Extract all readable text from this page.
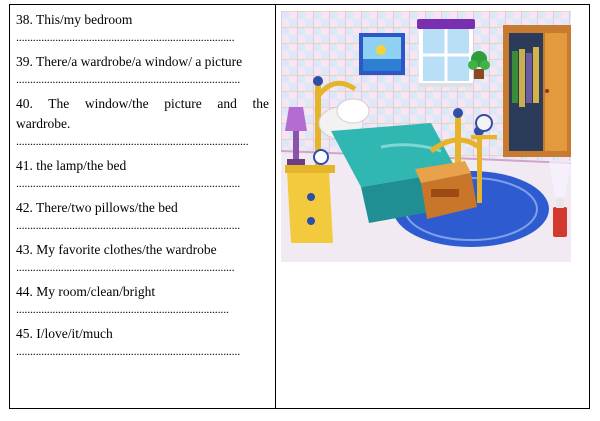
38. This/my bedroom

..............................................................................

39. There/a wardrobe/a window/ a picture

................................................................................

40. The window/the picture and the

wardrobe.

...................................................................................

41. the lamp/the bed

................................................................................

42. There/two pillows/the bed

................................................................................

43. My favorite clothes/the wardrobe

..............................................................................

44. My room/clean/bright

............................................................................

45. I/love/it/much

................................................................................
